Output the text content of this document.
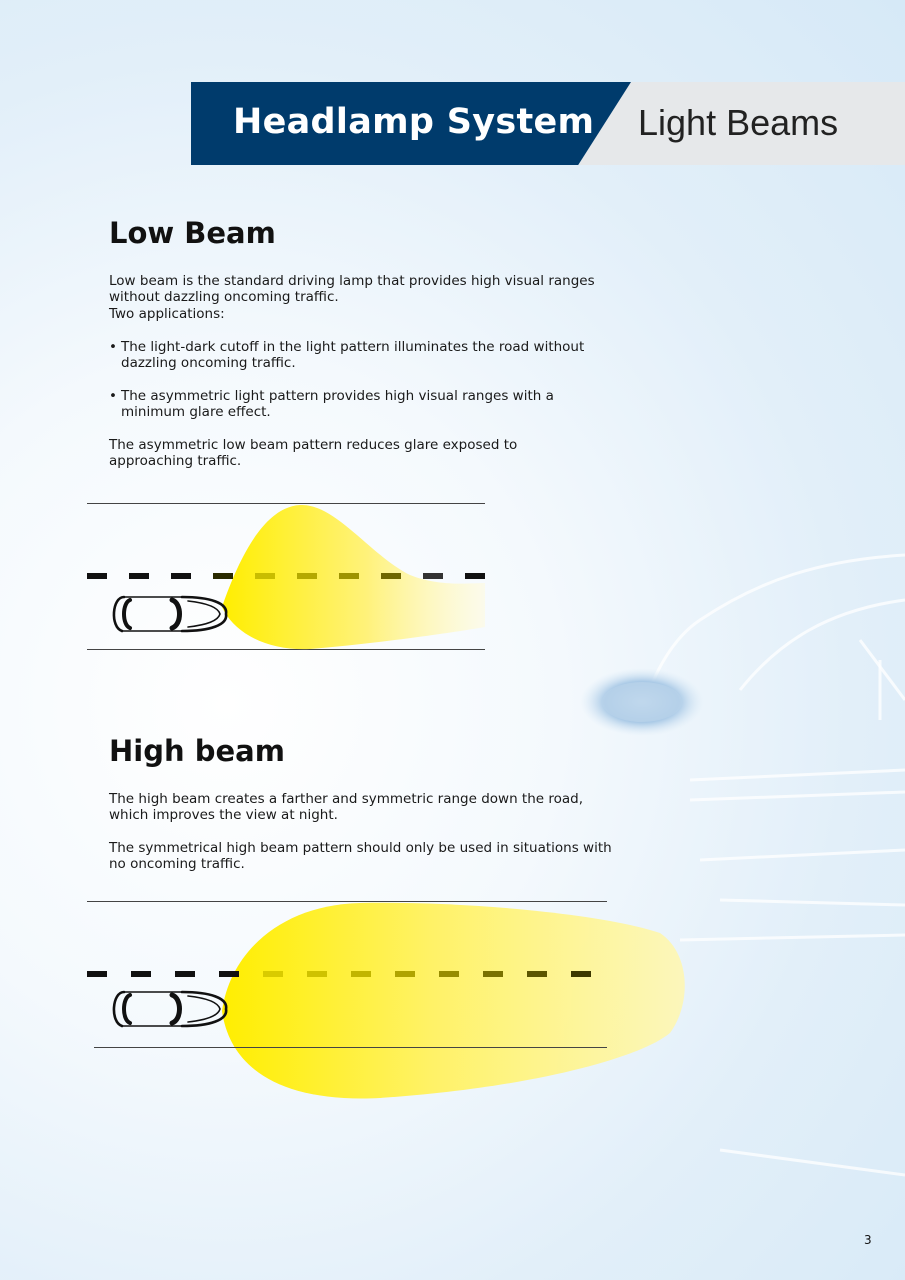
Headlamp System Light Beams
Low Beam
Low beam is the standard driving lamp that provides high visual ranges
without dazzling oncoming traffic.
Two applications:
• The light-dark cutoff in the light pattern illuminates the road without
dazzling oncoming traffic.
• The asymmetric light pattern provides high visual ranges with a
minimum glare effect.
The asymmetric low beam pattern reduces glare exposed to
approaching traffic.
High beam
The high beam creates a farther and symmetric range down the road,
which improves the view at night.
The symmetrical high beam pattern should only be used in situations with
no oncoming traffic.
3
